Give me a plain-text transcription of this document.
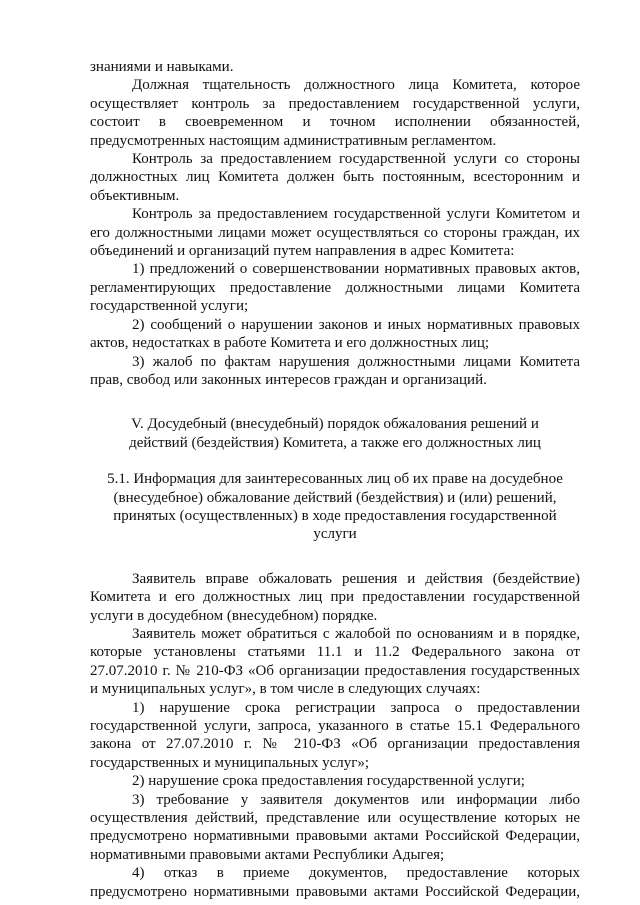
знаниями и навыками.

Должная тщательность должностного лица Комитета, которое осуществляет контроль за предоставлением государственной услуги, состоит в своевременном и точном исполнении обязанностей, предусмотренных настоящим административным регламентом.

Контроль за предоставлением государственной услуги со стороны должностных лиц Комитета должен быть постоянным, всесторонним и объективным.

Контроль за предоставлением государственной услуги Комитетом и его должностными лицами может осуществляться со стороны граждан, их объединений и организаций путем направления в адрес Комитета:

1) предложений о совершенствовании нормативных правовых актов, регламентирующих предоставление должностными лицами Комитета государственной услуги;

2) сообщений о нарушении законов и иных нормативных правовых актов, недостатках в работе Комитета и его должностных лиц;

3) жалоб по фактам нарушения должностными лицами Комитета прав, свобод или законных интересов граждан и организаций.

V. Досудебный (внесудебный) порядок обжалования решений и действий (бездействия) Комитета, а также его должностных лиц

5.1. Информация для заинтересованных лиц об их праве на досудебное (внесудебное) обжалование действий (бездействия) и (или) решений, принятых (осуществленных) в ходе предоставления государственной услуги

Заявитель вправе обжаловать решения и действия (бездействие) Комитета и его должностных лиц при предоставлении государственной услуги в досудебном (внесудебном) порядке.

Заявитель может обратиться с жалобой по основаниям и в порядке, которые установлены статьями 11.1 и 11.2 Федерального закона от 27.07.2010 г. № 210-ФЗ «Об организации предоставления государственных и муниципальных услуг», в том числе в следующих случаях:

1) нарушение срока регистрации запроса о предоставлении государственной услуги, запроса, указанного в статье 15.1 Федерального закона от 27.07.2010 г. № 210-ФЗ «Об организации предоставления государственных и муниципальных услуг»;

2) нарушение срока предоставления государственной услуги;

3) требование у заявителя документов или информации либо осуществления действий, представление или осуществление которых не предусмотрено нормативными правовыми актами Российской Федерации, нормативными правовыми актами Республики Адыгея;

4) отказ в приеме документов, предоставление которых предусмотрено нормативными правовыми актами Российской Федерации,
